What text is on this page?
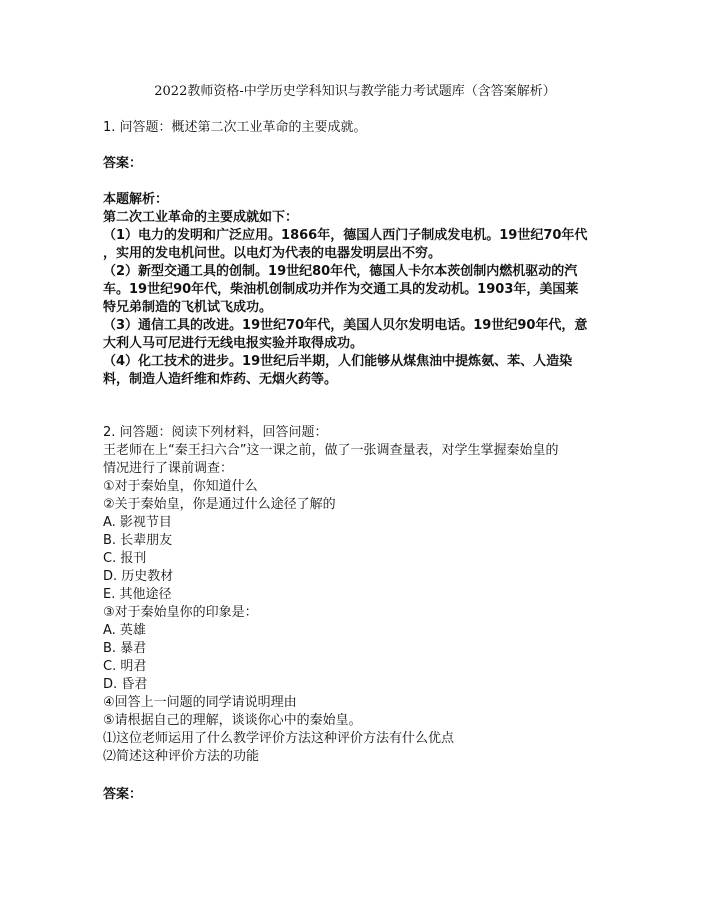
2022教师资格-中学历史学科知识与教学能力考试题库（含答案解析）

1. 问答题：概述第二次工业革命的主要成就。

答案：

本题解析：

第二次工业革命的主要成就如下：

（1）电力的发明和广泛应用。1866年，德国人西门子制成发电机。19世纪70年代

，实用的发电机问世。以电灯为代表的电器发明层出不穷。

（2）新型交通工具的创制。19世纪80年代，德国人卡尔本茨创制内燃机驱动的汽

车。19世纪90年代，柴油机创制成功并作为交通工具的发动机。1903年，美国莱

特兄弟制造的飞机试飞成功。

（3）通信工具的改进。19世纪70年代，美国人贝尔发明电话。19世纪90年代，意

大利人马可尼进行无线电报实验并取得成功。

（4）化工技术的进步。19世纪后半期，人们能够从煤焦油中提炼氨、苯、人造染

料，制造人造纤维和炸药、无烟火药等。

2. 问答题：阅读下列材料，回答问题：

王老师在上“秦王扫六合”这一课之前，做了一张调查量表，对学生掌握秦始皇的

情况进行了课前调查：

①对于秦始皇，你知道什么

②关于秦始皇，你是通过什么途径了解的

A. 影视节目

B. 长辈朋友

C. 报刊

D. 历史教材

E. 其他途径

③对于秦始皇你的印象是：

A. 英雄

B. 暴君

C. 明君

D. 昏君

④回答上一问题的同学请说明理由

⑤请根据自己的理解，谈谈你心中的秦始皇。

⑴这位老师运用了什么教学评价方法这种评价方法有什么优点

⑵简述这种评价方法的功能

答案：
